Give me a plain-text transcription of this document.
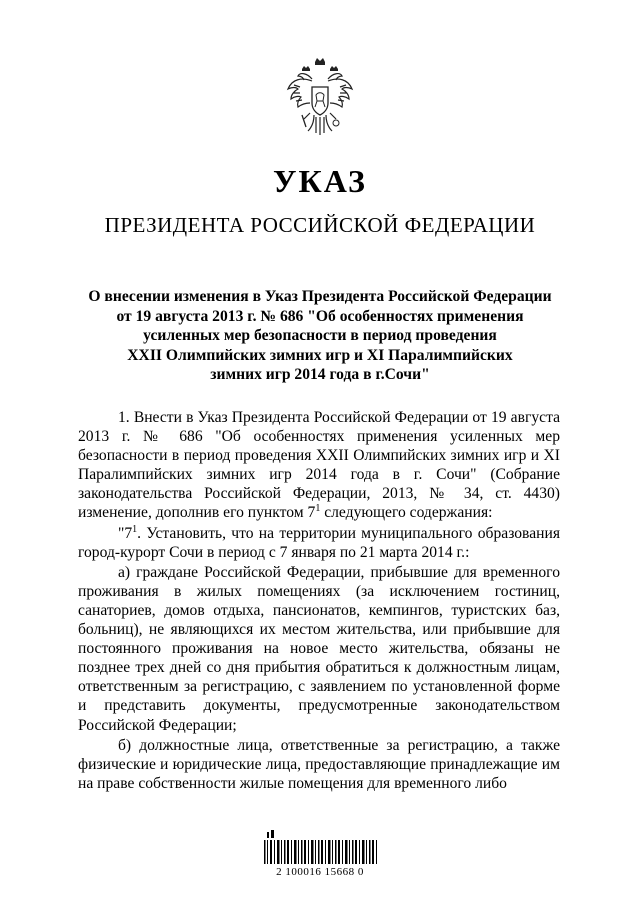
УКАЗ
ПРЕЗИДЕНТА РОССИЙСКОЙ ФЕДЕРАЦИИ
О внесении изменения в Указ Президента Российской Федерации
от 19 августа 2013 г. № 686 "Об особенностях применения
усиленных мер безопасности в период проведения
XXII Олимпийских зимних игр и XI Паралимпийских
зимних игр 2014 года в г.Сочи"

1. Внести в Указ Президента Российской Федерации от 19 августа 2013 г. № 686 "Об особенностях применения усиленных мер безопасности в период проведения XXII Олимпийских зимних игр и XI Паралимпийских зимних игр 2014 года в г. Сочи" (Собрание законодательства Российской Федерации, 2013, № 34, ст. 4430) изменение, дополнив его пунктом $7^1$ следующего содержания:

"$7^1$. Установить, что на территории муниципального образования город-курорт Сочи в период с 7 января по 21 марта 2014 г.:

а) граждане Российской Федерации, прибывшие для временного проживания в жилых помещениях (за исключением гостиниц, санаториев, домов отдыха, пансионатов, кемпингов, туристских баз, больниц), не являющихся их местом жительства, или прибывшие для постоянного проживания на новое место жительства, обязаны не позднее трех дней со дня прибытия обратиться к должностным лицам, ответственным за регистрацию, с заявлением по установленной форме и представить документы, предусмотренные законодательством Российской Федерации;

б) должностные лица, ответственные за регистрацию, а также физические и юридические лица, предоставляющие принадлежащие им на праве собственности жилые помещения для временного либо

2 100016 15668 0
